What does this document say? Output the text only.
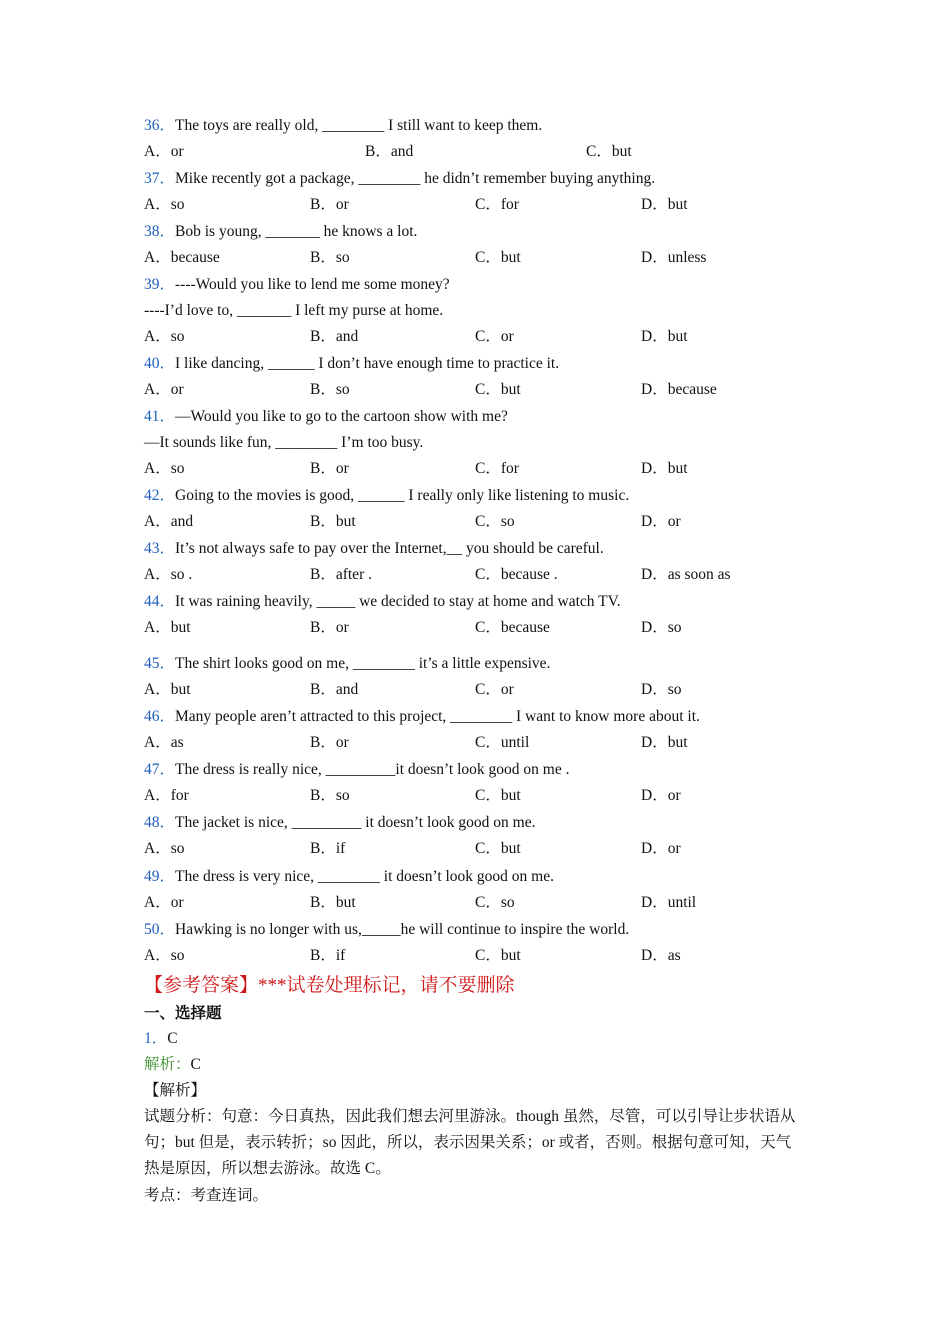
36．The toys are really old, ________ I still want to keep them.
A．or	B．and	C．but
37．Mike recently got a package, ________ he didn’t remember buying anything.
A．so	B．or	C．for	D．but
38．Bob is young, _______ he knows a lot.
A．because	B．so	C．but	D．unless
39．----Would you like to lend me some money?
----I’d love to, _______ I left my purse at home.
A．so	B．and	C．or	D．but
40．I like dancing, ______ I don’t have enough time to practice it.
A．or	B．so	C．but	D．because
41．—Would you like to go to the cartoon show with me?
—It sounds like fun, ________ I’m too busy.
A．so	B．or	C．for	D．but
42．Going to the movies is good, ______ I really only like listening to music.
A．and	B．but	C．so	D．or
43．It’s not always safe to pay over the Internet,__ you should be careful.
A．so .	B．after .	C．because .	D．as soon as
44．It was raining heavily, _____ we decided to stay at home and watch TV.
A．but	B．or	C．because	D．so
45．The shirt looks good on me, ________ it’s a little expensive.
A．but	B．and	C．or	D．so
46．Many people aren’t attracted to this project, ________ I want to know more about it.
A．as	B．or	C．until	D．but
47．The dress is really nice, _________it doesn’t look good on me .
A．for	B．so	C．but	D．or
48．The jacket is nice, _________ it doesn’t look good on me.
A．so	B．if	C．but	D．or
49．The dress is very nice, ________ it doesn’t look good on me.
A．or	B．but	C．so	D．until
50．Hawking is no longer with us,_____he will continue to inspire the world.
A．so	B．if	C．but	D．as
【参考答案】***试卷处理标记，请不要删除
一、选择题
1．C
解析：C
【解析】
试题分析：句意：今日真热，因此我们想去河里游泳。though 虽然，尽管，可以引导让步状语从句；but 但是，表示转折；so 因此，所以，表示因果关系；or 或者，否则。根据句意可知，天气热是原因，所以想去游泳。故选 C。
考点：考查连词。
